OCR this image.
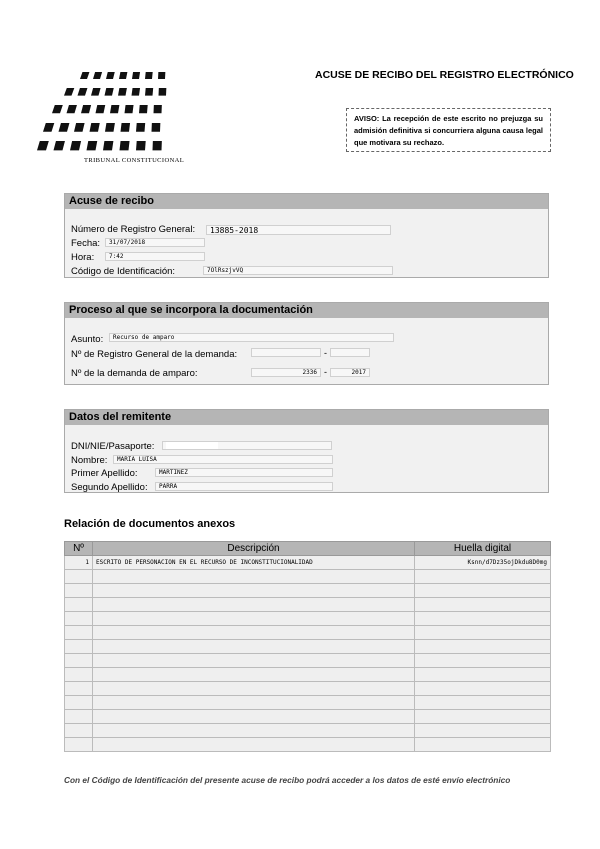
TRIBUNAL CONSTITUCIONAL
ACUSE DE RECIBO DEL REGISTRO ELECTRÓNICO
AVISO: La recepción de este escrito no prejuzga su admisión definitiva si concurriera alguna causa legal que motivara su rechazo.
Acuse de recibo
Número de Registro General:	13885-2018
Fecha:	31/07/2018
Hora:	7:42
Código de Identificación:	7OlRszjvVQ
Proceso al que se incorpora la documentación
Asunto:	Recurso de amparo
Nº de Registro General de la demanda:	-
Nº de la demanda de amparo:	2336 -	2017
Datos del remitente
DNI/NIE/Pasaporte:
Nombre:	MARIA LUISA
Primer Apellido:	MARTINEZ
Segundo Apellido:	PARRA
Relación de documentos anexos
Nº	Descripción	Huella digital
1	ESCRITO DE PERSONACION EN EL RECURSO DE INCONSTITUCIONALIDAD	Ksnn/d7Dz35ojDkdu8D0mg

Con el Código de Identificación del presente acuse de recibo podrá acceder a los datos de esté envío electrónico
